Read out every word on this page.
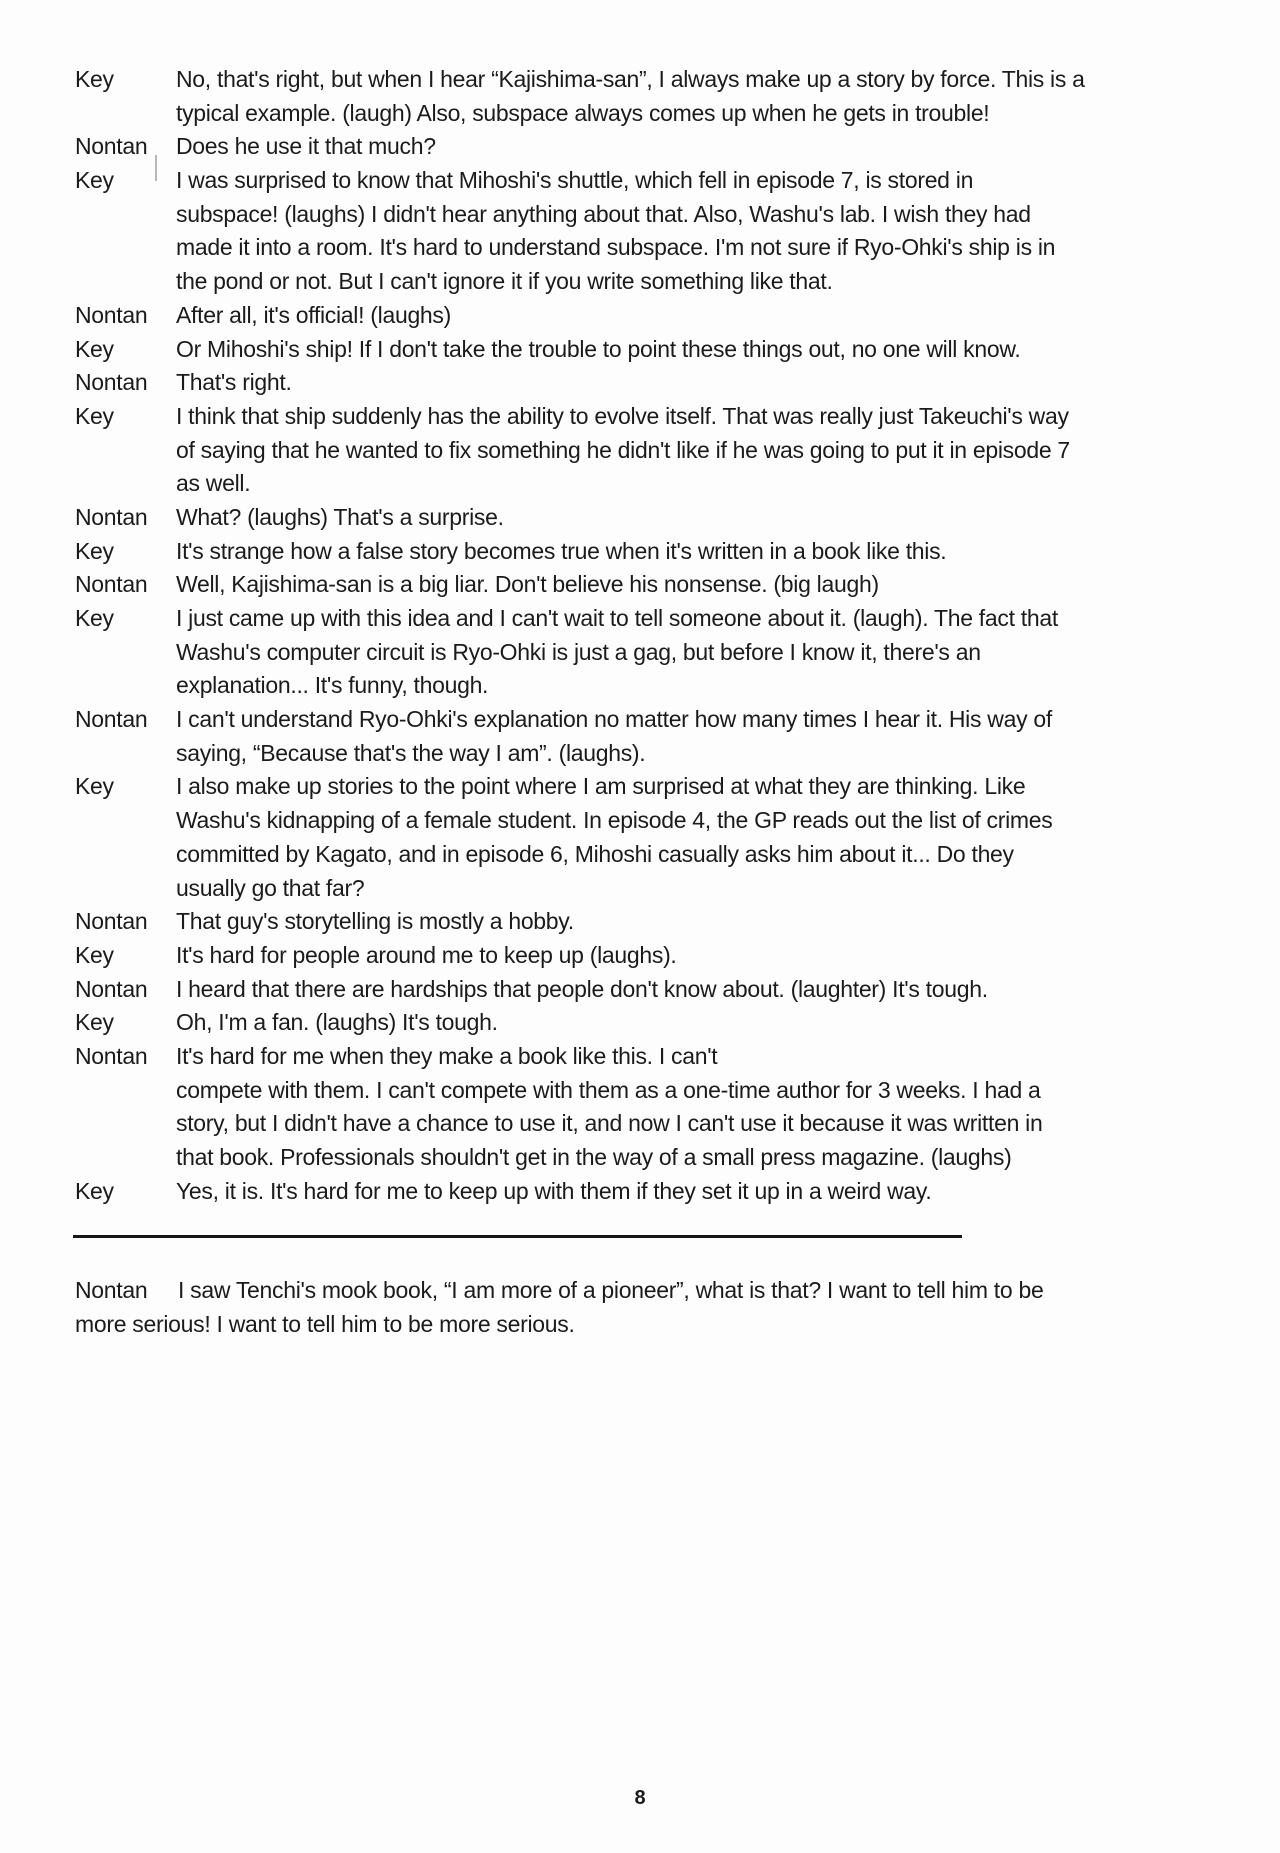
Key	No, that's right, but when I hear “Kajishima-san”, I always make up a story by force. This is a
typical example. (laugh) Also, subspace always comes up when he gets in trouble!
Nontan Does he use it that much?
Key	I was surprised to know that Mihoshi's shuttle, which fell in episode 7, is stored in
subspace! (laughs) I didn't hear anything about that. Also, Washu's lab. I wish they had
made it into a room. It's hard to understand subspace. I'm not sure if Ryo-Ohki's ship is in
the pond or not. But I can't ignore it if you write something like that.
Nontan After all, it's official! (laughs)
Key	Or Mihoshi's ship! If I don't take the trouble to point these things out, no one will know.
Nontan That's right.
Key	I think that ship suddenly has the ability to evolve itself. That was really just Takeuchi's way
of saying that he wanted to fix something he didn't like if he was going to put it in episode 7
as well.
Nontan What? (laughs) That's a surprise.
Key	It's strange how a false story becomes true when it's written in a book like this.
Nontan Well, Kajishima-san is a big liar. Don't believe his nonsense. (big laugh)
Key	I just came up with this idea and I can't wait to tell someone about it. (laugh). The fact that
Washu's computer circuit is Ryo-Ohki is just a gag, but before I know it, there's an
explanation... It's funny, though.
Nontan I can't understand Ryo-Ohki's explanation no matter how many times I hear it. His way of
saying, “Because that's the way I am”. (laughs).
Key	I also make up stories to the point where I am surprised at what they are thinking. Like
Washu's kidnapping of a female student. In episode 4, the GP reads out the list of crimes
committed by Kagato, and in episode 6, Mihoshi casually asks him about it... Do they
usually go that far?
Nontan That guy's storytelling is mostly a hobby.
Key	It's hard for people around me to keep up (laughs).
Nontan I heard that there are hardships that people don't know about. (laughter) It's tough.
Key	Oh, I'm a fan. (laughs) It's tough.
Nontan It's hard for me when they make a book like this. I can't
compete with them. I can't compete with them as a one-time author for 3 weeks. I had a
story, but I didn't have a chance to use it, and now I can't use it because it was written in
that book. Professionals shouldn't get in the way of a small press magazine. (laughs)
Key	Yes, it is. It's hard for me to keep up with them if they set it up in a weird way.
Nontan I saw Tenchi's mook book, “I am more of a pioneer”, what is that? I want to tell him to be
more serious! I want to tell him to be more serious.
8
